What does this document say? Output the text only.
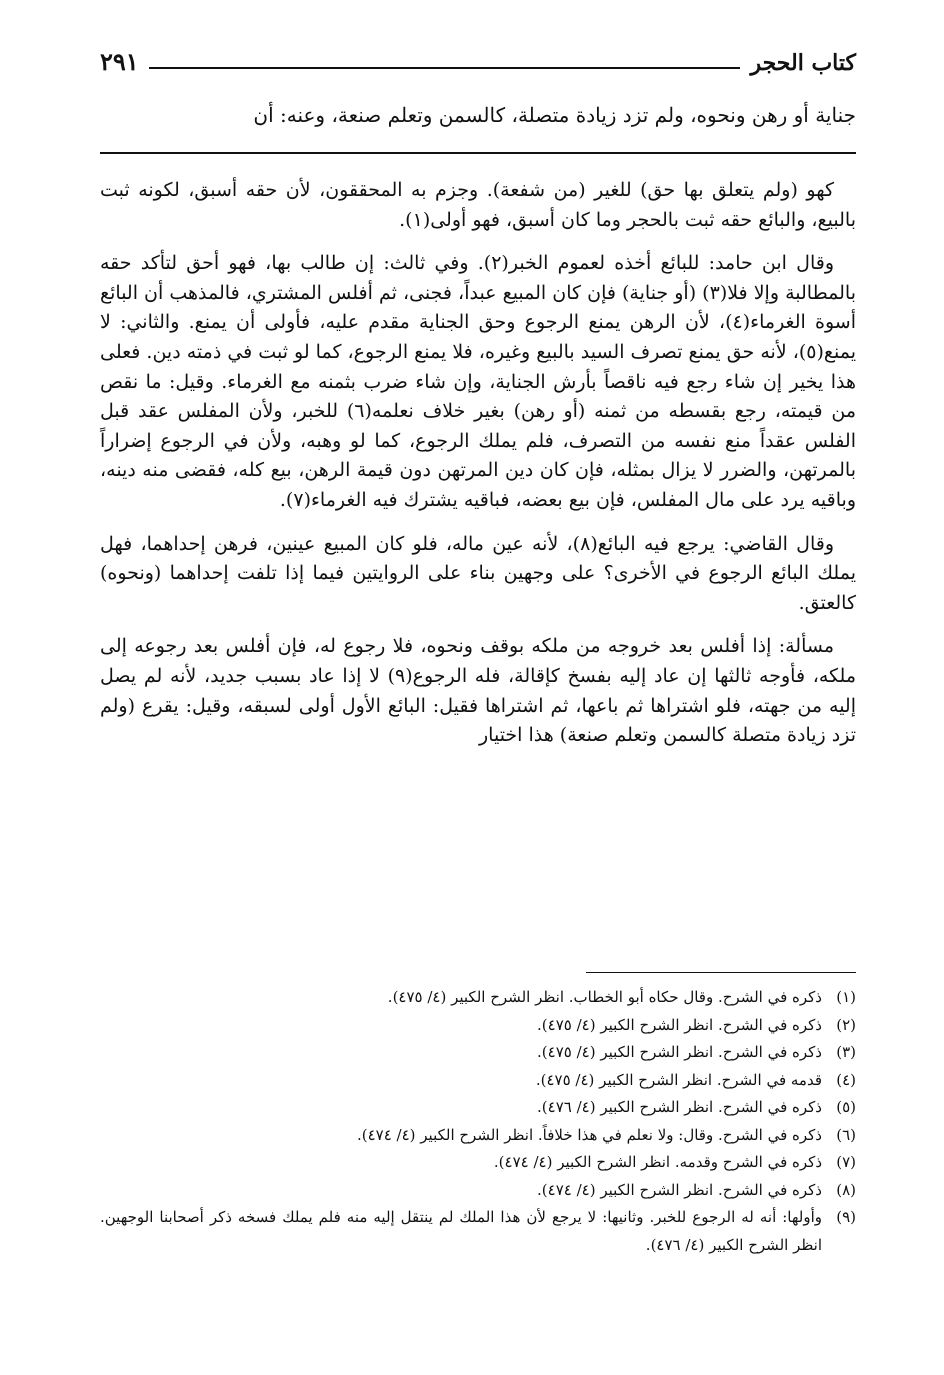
كتاب الحجر
٢٩١

جناية أو رهن ونحوه، ولم تزد زيادة متصلة، كالسمن وتعلم صنعة، وعنه: أن

كهو (ولم يتعلق بها حق) للغير (من شفعة). وجزم به المحققون، لأن حقه أسبق، لكونه ثبت بالبيع، والبائع حقه ثبت بالحجر وما كان أسبق، فهو أولى(١).

وقال ابن حامد: للبائع أخذه لعموم الخبر(٢). وفي ثالث: إن طالب بها، فهو أحق لتأكد حقه بالمطالبة وإلا فلا(٣) (أو جناية) فإن كان المبيع عبداً، فجنى، ثم أفلس المشتري، فالمذهب أن البائع أسوة الغرماء(٤)، لأن الرهن يمنع الرجوع وحق الجناية مقدم عليه، فأولى أن يمنع. والثاني: لا يمنع(٥)، لأنه حق يمنع تصرف السيد بالبيع وغيره، فلا يمنع الرجوع، كما لو ثبت في ذمته دين. فعلى هذا يخير إن شاء رجع فيه ناقصاً بأرش الجناية، وإن شاء ضرب بثمنه مع الغرماء. وقيل: ما نقص من قيمته، رجع بقسطه من ثمنه (أو رهن) بغير خلاف نعلمه(٦) للخبر، ولأن المفلس عقد قبل الفلس عقداً منع نفسه من التصرف، فلم يملك الرجوع، كما لو وهبه، ولأن في الرجوع إضراراً بالمرتهن، والضرر لا يزال بمثله، فإن كان دين المرتهن دون قيمة الرهن، بيع كله، فقضى منه دينه، وباقيه يرد على مال المفلس، فإن بيع بعضه، فباقيه يشترك فيه الغرماء(٧).

وقال القاضي: يرجع فيه البائع(٨)، لأنه عين ماله، فلو كان المبيع عينين، فرهن إحداهما، فهل يملك البائع الرجوع في الأخرى؟ على وجهين بناء على الروايتين فيما إذا تلفت إحداهما (ونحوه) كالعتق.

مسألة: إذا أفلس بعد خروجه من ملكه بوقف ونحوه، فلا رجوع له، فإن أفلس بعد رجوعه إلى ملكه، فأوجه ثالثها إن عاد إليه بفسخ كإقالة، فله الرجوع(٩) لا إذا عاد بسبب جديد، لأنه لم يصل إليه من جهته، فلو اشتراها ثم باعها، ثم اشتراها فقيل: البائع الأول أولى لسبقه، وقيل: يقرع (ولم تزد زيادة متصلة كالسمن وتعلم صنعة) هذا اختيار

(١)
ذكره في الشرح. وقال حكاه أبو الخطاب. انظر الشرح الكبير (٤/ ٤٧٥).
(٢)
ذكره في الشرح. انظر الشرح الكبير (٤/ ٤٧٥).
(٣)
ذكره في الشرح. انظر الشرح الكبير (٤/ ٤٧٥).
(٤)
قدمه في الشرح. انظر الشرح الكبير (٤/ ٤٧٥).
(٥)
ذكره في الشرح. انظر الشرح الكبير (٤/ ٤٧٦).
(٦)
ذكره في الشرح. وقال: ولا نعلم في هذا خلافاً. انظر الشرح الكبير (٤/ ٤٧٤).
(٧)
ذكره في الشرح وقدمه. انظر الشرح الكبير (٤/ ٤٧٤).
(٨)
ذكره في الشرح. انظر الشرح الكبير (٤/ ٤٧٤).
(٩)
وأولها: أنه له الرجوع للخبر. وثانيها: لا يرجع لأن هذا الملك لم ينتقل إليه منه فلم يملك فسخه ذكر أصحابنا الوجهين. انظر الشرح الكبير (٤/ ٤٧٦).
